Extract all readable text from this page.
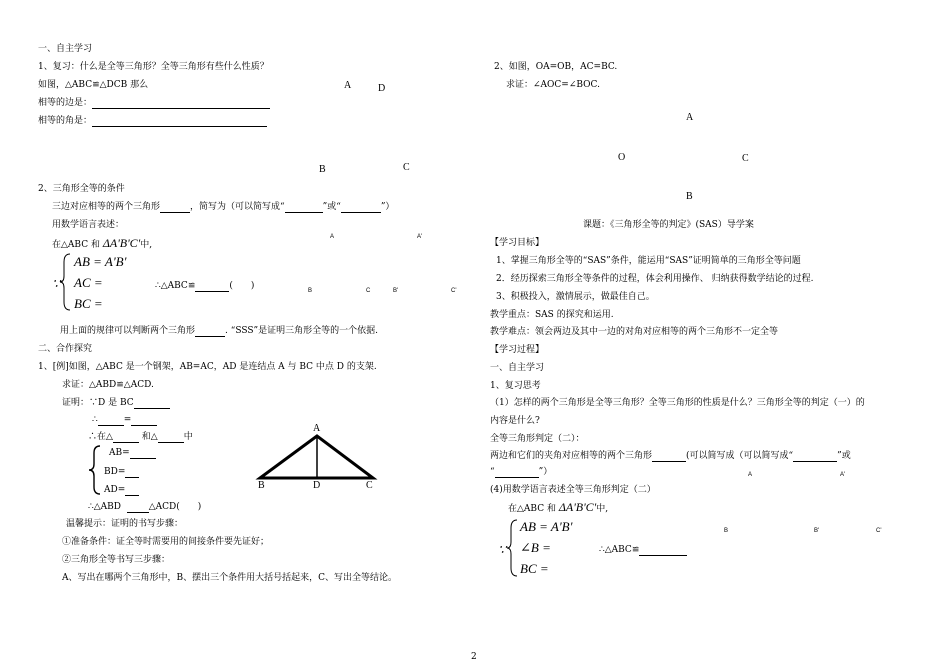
一、自主学习
1、复习：什么是全等三角形？全等三角形有些什么性质？
如图，△ABC≌△DCB 那么
相等的边是：
相等的角是：
A	D
B	C
2、三角形全等的条件
三边对应相等的两个三角形	，简写为（可以简写成“	”或“	”）
用数学语言表述：
在△ABC 和 ΔA'B'C'中,
∵
AB = A'B'
AC =
BC =
∴△ABC≌	(　　)
A	A'
B	C	B'	C'
用上面的规律可以判断两个三角形	. “SSS”是证明三角形全等的一个依据.
二、合作探究
1、[例]如图，△ABC 是一个钢架，AB=AC，AD 是连结点 A 与 BC 中点 D 的支架.
求证：△ABD≌△ACD.
证明：∵D 是 BC
∴	=
∴在△	和△	中
AB=
BD=
AD=
∴△ABD	△ACD(　　)
A
B	D	C
温馨提示：证明的书写步骤：
①准备条件：证全等时需要用的间接条件要先证好；
②三角形全等书写三步骤：
A、写出在哪两个三角形中，B、摆出三个条件用大括号括起来，C、写出全等结论。
2、如图，OA=OB，AC=BC.
求证：∠AOC=∠BOC.
A
O	C
B
课题：《三角形全等的判定》(SAS）导学案
【学习目标】
1、掌握三角形全等的“SAS”条件，能运用“SAS”证明简单的三角形全等问题
2．经历探索三角形全等条件的过程，体会利用操作、 归纳获得数学结论的过程.
3、积极投入，激情展示，做最佳自己。
教学重点：SAS 的探究和运用.
教学难点：领会两边及其中一边的对角对应相等的两个三角形不一定全等
【学习过程】
一、自主学习
1、复习思考
（1）怎样的两个三角形是全等三角形？全等三角形的性质是什么？三角形全等的判定（一）的
内容是什么?
全等三角形判定（二）：
两边和它们的夹角对应相等的两个三角形	(可以简写成（可以简写成“	”或
“	”）	A	A'
(4)用数学语言表述全等三角形判定（二）
在△ABC 和 ΔA'B'C'中,
∵
AB = A'B'
∠B =
BC =
∴△ABC≌
B	B'	C'
2
